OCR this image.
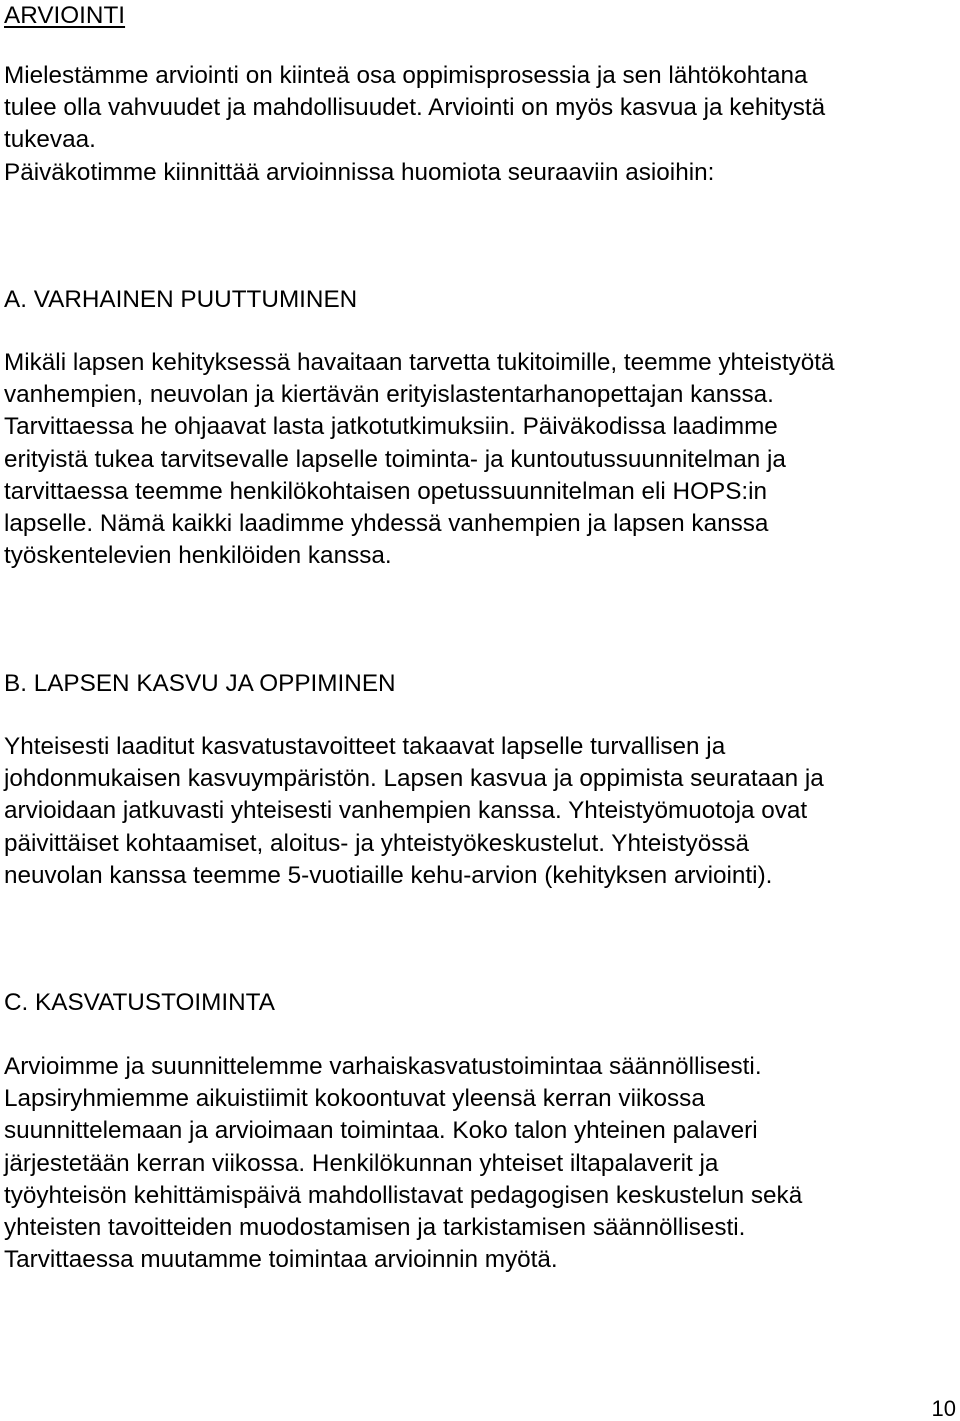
ARVIOINTI
Mielestämme arviointi on kiinteä osa oppimisprosessia ja sen lähtökohtana
tulee olla vahvuudet ja mahdollisuudet. Arviointi on myös kasvua ja kehitystä
tukevaa.
Päiväkotimme kiinnittää arvioinnissa huomiota seuraaviin asioihin:
A. VARHAINEN PUUTTUMINEN
Mikäli lapsen kehityksessä havaitaan tarvetta tukitoimille, teemme yhteistyötä
vanhempien, neuvolan ja kiertävän erityislastentarhanopettajan kanssa.
Tarvittaessa he ohjaavat lasta jatkotutkimuksiin. Päiväkodissa laadimme
erityistä tukea tarvitsevalle lapselle toiminta- ja kuntoutussuunnitelman ja
tarvittaessa teemme henkilökohtaisen opetussuunnitelman eli HOPS:in
lapselle. Nämä kaikki laadimme yhdessä vanhempien ja lapsen kanssa
työskentelevien henkilöiden kanssa.
B. LAPSEN KASVU JA OPPIMINEN
Yhteisesti laaditut kasvatustavoitteet takaavat lapselle turvallisen ja
johdonmukaisen kasvuympäristön. Lapsen kasvua ja oppimista seurataan ja
arvioidaan jatkuvasti yhteisesti vanhempien kanssa. Yhteistyömuotoja ovat
päivittäiset kohtaamiset, aloitus- ja yhteistyökeskustelut. Yhteistyössä
neuvolan kanssa teemme 5-vuotiaille kehu-arvion (kehityksen arviointi).
C. KASVATUSTOIMINTA
Arvioimme ja suunnittelemme varhaiskasvatustoimintaa säännöllisesti.
Lapsiryhmiemme aikuistiimit kokoontuvat yleensä kerran viikossa
suunnittelemaan ja arvioimaan toimintaa. Koko talon yhteinen palaveri
järjestetään kerran viikossa. Henkilökunnan yhteiset iltapalaverit ja
työyhteisön kehittämispäivä mahdollistavat pedagogisen keskustelun sekä
yhteisten tavoitteiden muodostamisen ja tarkistamisen säännöllisesti.
Tarvittaessa muutamme toimintaa arvioinnin myötä.
10
